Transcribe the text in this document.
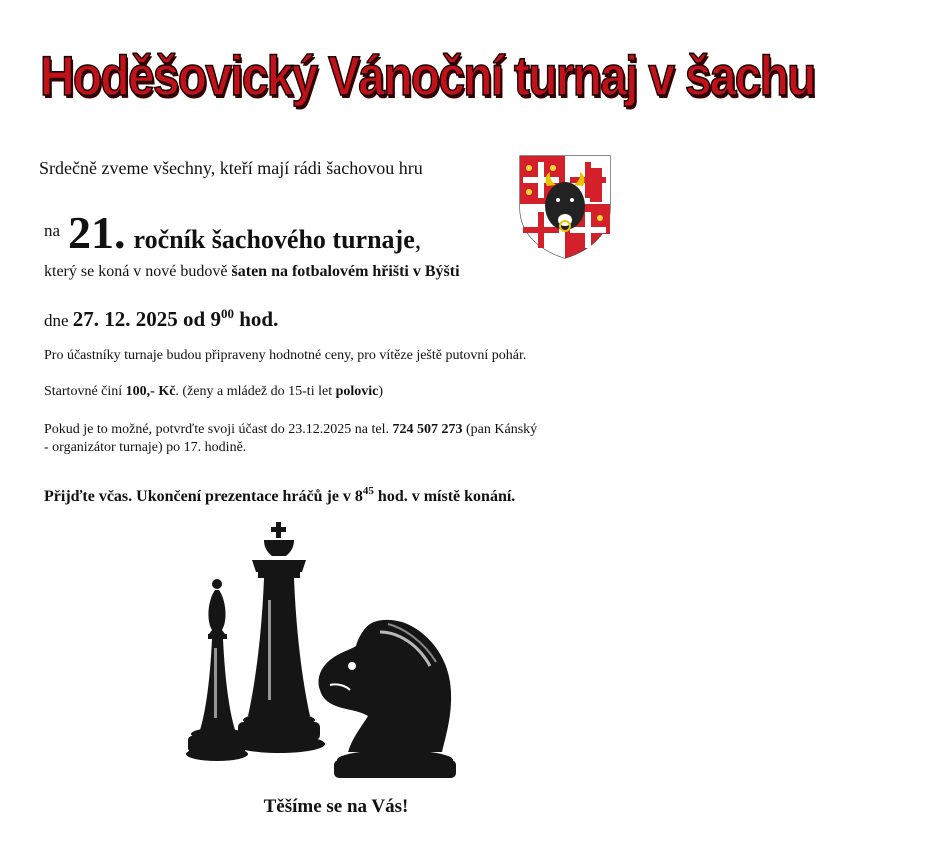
Hoděšovický Vánoční turnaj v šachu
Srdečně zveme všechny, kteří mají rádi šachovou hru
na 21. ročník šachového turnaje,
který se koná v nové budově šaten na fotbalovém hřišti v Býšti
dne 27. 12. 2025 od $9^{00}$ hod.
Pro účastníky turnaje budou připraveny hodnotné ceny, pro vítěze ještě putovní pohár.
Startovné činí 100,- Kč. (ženy a mládež do 15-ti let polovic)
Pokud je to možné, potvrďte svoji účast do 23.12.2025 na tel. 724 507 273 (pan Kánský
- organizátor turnaje) po 17. hodině.
Přijďte včas. Ukončení prezentace hráčů je v $8^{45}$ hod. v místě konání.
Těšíme se na Vás!
